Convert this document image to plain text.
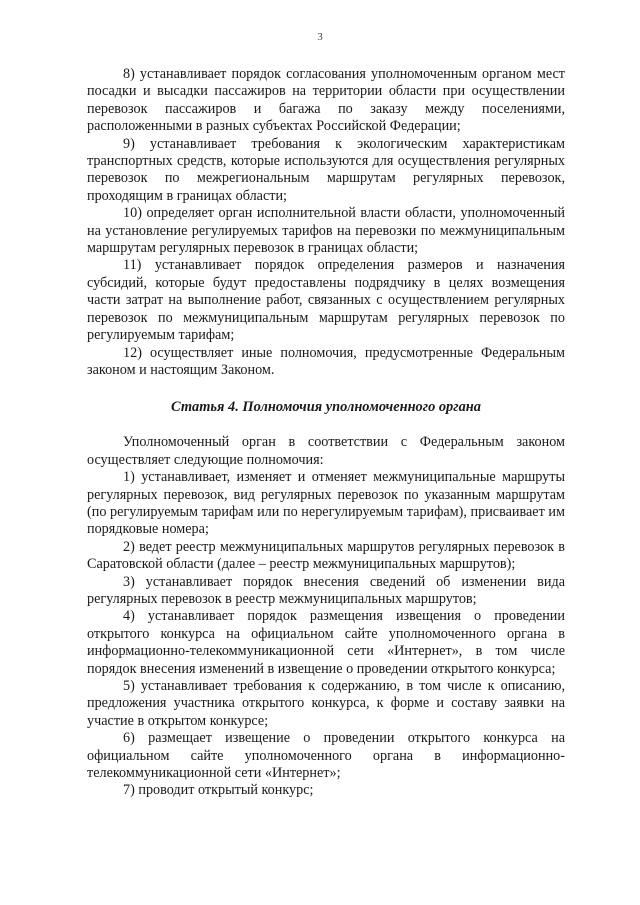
3

8) устанавливает порядок согласования уполномоченным органом мест посадки и высадки пассажиров на территории области при осуществлении перевозок пассажиров и багажа по заказу между поселениями, расположенными в разных субъектах Российской Федерации;

9) устанавливает требования к экологическим характеристикам транспортных средств, которые используются для осуществления регулярных перевозок по межрегиональным маршрутам регулярных перевозок, проходящим в границах области;

10) определяет орган исполнительной власти области, уполномоченный на установление регулируемых тарифов на перевозки по межмуниципальным маршрутам регулярных перевозок в границах области;

11) устанавливает порядок определения размеров и назначения субсидий, которые будут предоставлены подрядчику в целях возмещения части затрат на выполнение работ, связанных с осуществлением регулярных перевозок по межмуниципальным маршрутам регулярных перевозок по регулируемым тарифам;

12) осуществляет иные полномочия, предусмотренные Федеральным законом и настоящим Законом.

Статья 4. Полномочия уполномоченного органа

Уполномоченный орган в соответствии с Федеральным законом осуществляет следующие полномочия:

1) устанавливает, изменяет и отменяет межмуниципальные маршруты регулярных перевозок, вид регулярных перевозок по указанным маршрутам (по регулируемым тарифам или по нерегулируемым тарифам), присваивает им порядковые номера;

2) ведет реестр межмуниципальных маршрутов регулярных перевозок в Саратовской области (далее – реестр межмуниципальных маршрутов);

3) устанавливает порядок внесения сведений об изменении вида регулярных перевозок в реестр межмуниципальных маршрутов;

4) устанавливает порядок размещения извещения о проведении открытого конкурса на официальном сайте уполномоченного органа в информационно-телекоммуникационной сети «Интернет», в том числе порядок внесения изменений в извещение о проведении открытого конкурса;

5) устанавливает требования к содержанию, в том числе к описанию, предложения участника открытого конкурса, к форме и составу заявки на участие в открытом конкурсе;

6) размещает извещение о проведении открытого конкурса на официальном сайте уполномоченного органа в информационно-телекоммуникационной сети «Интернет»;

7) проводит открытый конкурс;
